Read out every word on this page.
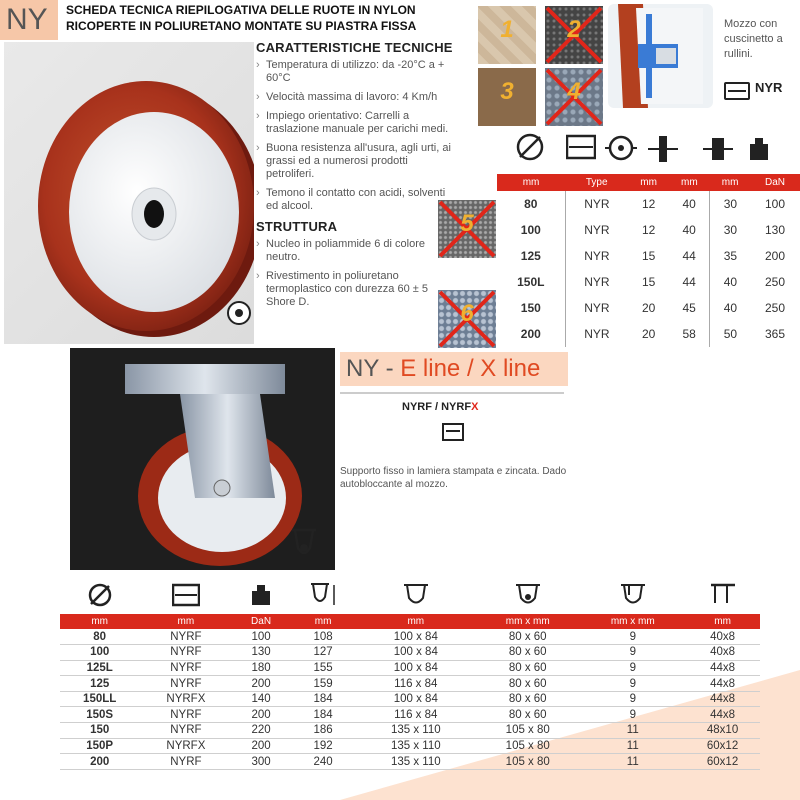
NY	SCHEDA TECNICA RIEPILOGATIVA DELLE RUOTE IN NYLON
RICOPERTE IN POLIURETANO MONTATE SU PIASTRA FISSA
CARATTERISTICHE TECNICHE
› Temperatura di utilizzo: da -20°C a + 60°C
› Velocità massima di lavoro: 4 Km/h
› Impiego orientativo: Carrelli a traslazione manuale per carichi medi.
› Buona resistenza all'usura, agli urti, ai grassi ed a numerosi prodotti petroliferi.
› Temono il contatto con acidi, solventi ed alcool.
STRUTTURA
› Nucleo in poliammide 6 di colore neutro.
› Rivestimento in poliuretano termoplastico con durezza 60 ± 5 Shore D.
1	2
3	4
5
6
Mozzo con cuscinetto a rullini.
NYR
mm	Type	mm	mm	mm	DaN
80	NYR	12	40	30	100
100	NYR	12	40	30	130
125	NYR	15	44	35	200
150L	NYR	15	44	40	250
150	NYR	20	45	40	250
200	NYR	20	58	50	365
NY - E line / X line
NYRF / NYRFX
Supporto fisso in lamiera stampata e zincata. Dado autobloccante al mozzo.

mm	mm	DaN	mm	mm	mm x mm	mm x mm	mm
80	NYRF	100	108	100 x 84	80 x 60	9	40x8
100	NYRF	130	127	100 x 84	80 x 60	9	40x8
125L	NYRF	180	155	100 x 84	80 x 60	9	44x8
125	NYRF	200	159	116 x 84	80 x 60	9	44x8
150LL	NYRFX	140	184	100 x 84	80 x 60	9	44x8
150S	NYRF	200	184	116 x 84	80 x 60	9	44x8
150	NYRF	220	186	135 x 110	105 x 80	11	48x10
150P	NYRFX	200	192	135 x 110	105 x 80	11	60x12
200	NYRF	300	240	135 x 110	105 x 80	11	60x12
